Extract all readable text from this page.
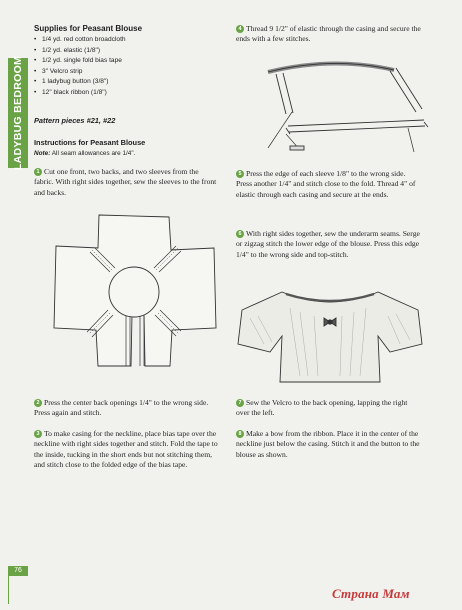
LADYBUG BEDROOM
Supplies for Peasant Blouse
• 1/4 yd. red cotton broadcloth
• 1/2 yd. elastic (1/8")
• 1/2 yd. single fold bias tape
• 3" Velcro strip
• 1 ladybug button (3/8")
• 12" black ribbon (1/8")
Pattern pieces #21, #22
Instructions for Peasant Blouse
Note: All seam allowances are 1/4".
1 Cut one front, two backs, and two sleeves from the fabric. With right sides together, sew the sleeves to the front and backs.
2 Press the center back openings 1/4" to the wrong side. Press again and stitch.
3 To make casing for the neckline, place bias tape over the neckline with right sides together and stitch. Fold the tape to the inside, tucking in the short ends but not stitching them, and stitch close to the folded edge of the bias tape.
4 Thread 9 1/2" of elastic through the casing and secure the ends with a few stitches.
5 Press the edge of each sleeve 1/8" to the wrong side. Press another 1/4" and stitch close to the fold. Thread 4" of elastic through each casing and secure at the ends.
6 With right sides together, sew the underarm seams. Serge or zigzag stitch the lower edge of the blouse. Press this edge 1/4" to the wrong side and top-stitch.
7 Sew the Velcro to the back opening, lapping the right over the left.
8 Make a bow from the ribbon. Place it in the center of the neckline just below the casing. Stitch it and the button to the blouse as shown.
76
Страна Мам
